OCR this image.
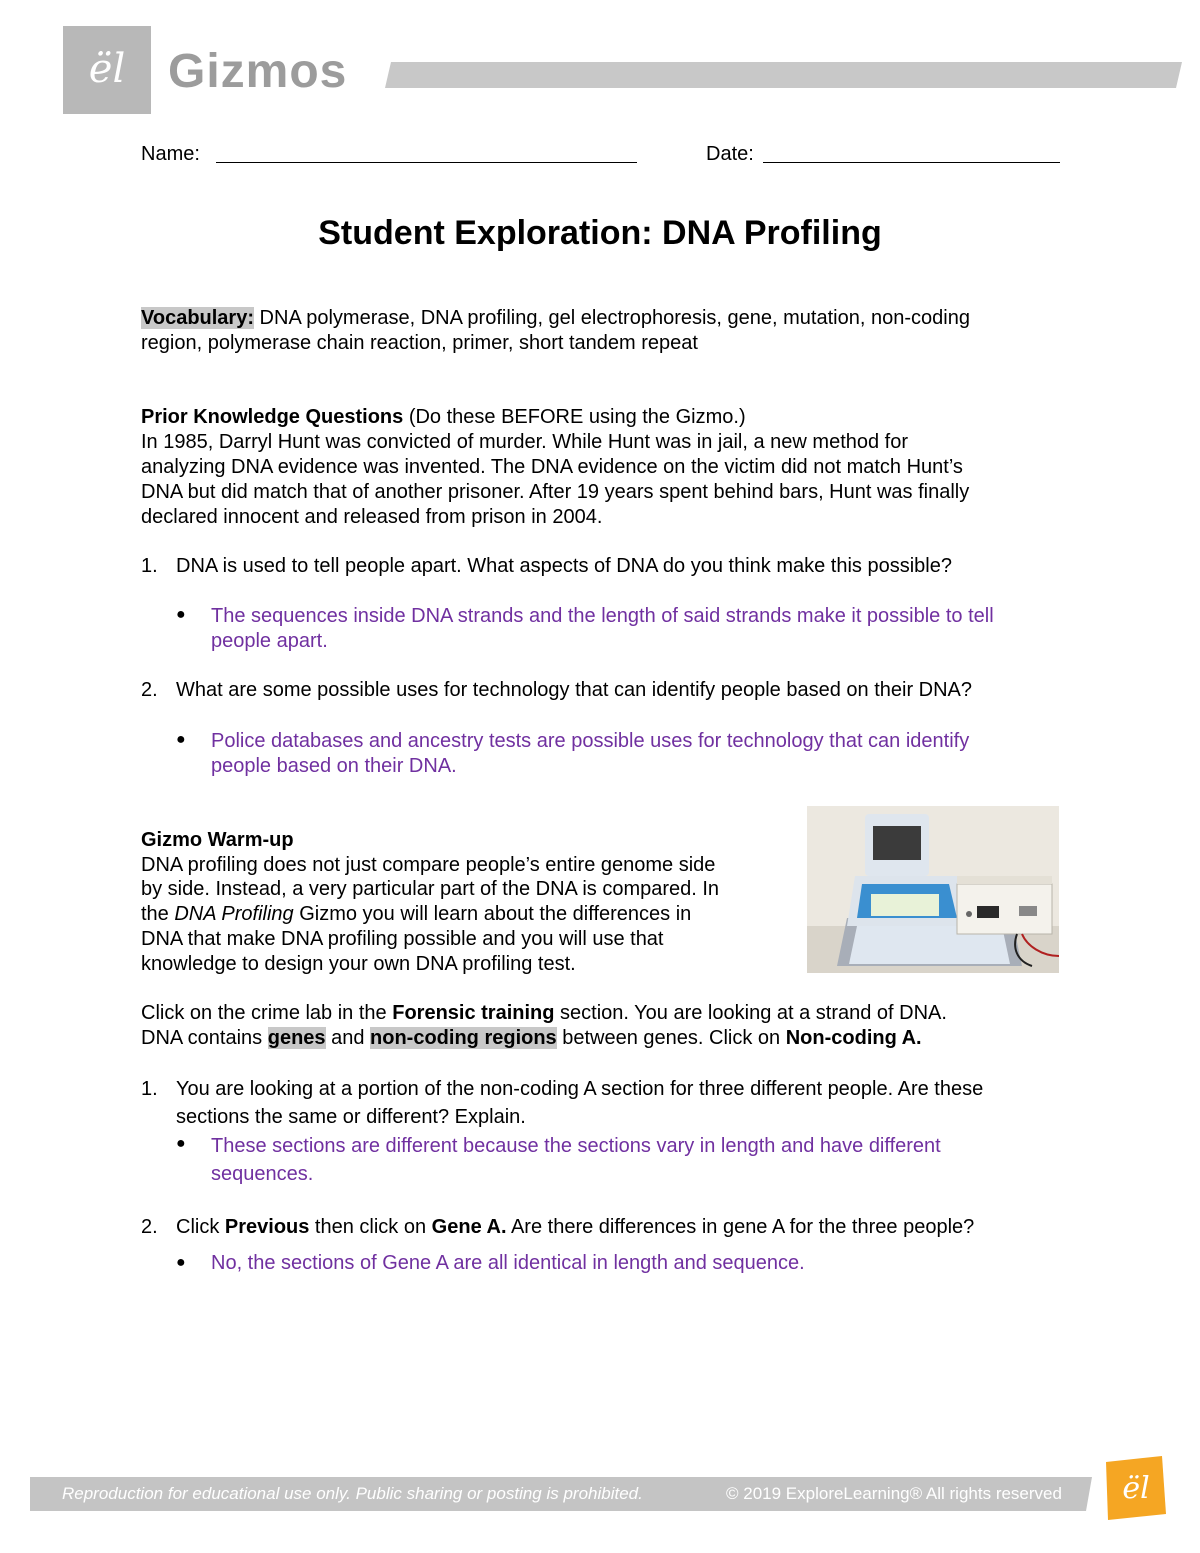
ël Gizmos
Name:	Date:
Student Exploration: DNA Profiling
Vocabulary: DNA polymerase, DNA profiling, gel electrophoresis, gene, mutation, non-coding
region, polymerase chain reaction, primer, short tandem repeat
Prior Knowledge Questions (Do these BEFORE using the Gizmo.)
In 1985, Darryl Hunt was convicted of murder. While Hunt was in jail, a new method for
analyzing DNA evidence was invented. The DNA evidence on the victim did not match Hunt’s
DNA but did match that of another prisoner. After 19 years spent behind bars, Hunt was finally
declared innocent and released from prison in 2004.
1. DNA is used to tell people apart. What aspects of DNA do you think make this possible?
● The sequences inside DNA strands and the length of said strands make it possible to tell
people apart.
2. What are some possible uses for technology that can identify people based on their DNA?
● Police databases and ancestry tests are possible uses for technology that can identify
people based on their DNA.
Gizmo Warm-up
DNA profiling does not just compare people’s entire genome side
by side. Instead, a very particular part of the DNA is compared. In
the DNA Profiling Gizmo you will learn about the differences in
DNA that make DNA profiling possible and you will use that
knowledge to design your own DNA profiling test.
Click on the crime lab in the Forensic training section. You are looking at a strand of DNA.
DNA contains genes and non-coding regions between genes. Click on Non-coding A.
1. You are looking at a portion of the non-coding A section for three different people. Are these
sections the same or different? Explain.
● These sections are different because the sections vary in length and have different
sequences.
2. Click Previous then click on Gene A. Are there differences in gene A for the three people?
● No, the sections of Gene A are all identical in length and sequence.
Reproduction for educational use only. Public sharing or posting is prohibited.	© 2019 ExploreLearning® All rights reserved ël
